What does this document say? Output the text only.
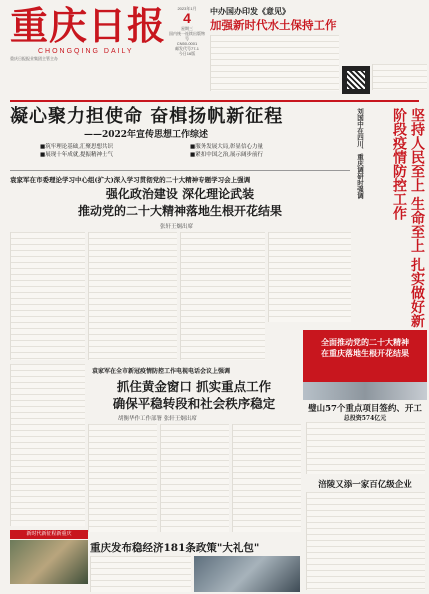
重庆日报
CHONGQING DAILY
重庆日报报业集团主管主办
2023年1月
4
星期三
国内统一连续出版物号
CN50-0001
邮发代号77-1
今日16版
中办国办印发《意见》
加强新时代水土保持工作
凝心聚力担使命 奋楫扬帆新征程
——2022年宣传思想工作综述
■筑牢理论基础,汇聚思想共识
■展现十年成就,提振精神士气
■服务发展大局,彰显信心力量
■紧扣中国之治,展示阔步前行
袁家军在市委理论学习中心组(扩大)深入学习贯彻党的二十大精神专题学习会上强调
强化政治建设 深化理论武装
推动党的二十大精神落地生根开花结果
张轩王炯出席
刘国中在四川、重庆调研时强调	坚持人民至上 生命至上 扎实做好新阶段疫情防控工作
全面推动党的二十大精神
在重庆落地生根开花结果
袁家军在全市新冠疫情防控工作电视电话会议上强调
抓住黄金窗口 抓实重点工作
确保平稳转段和社会秩序稳定
胡衡华作工作部署 张轩王炯出席
璧山57个重点项目签约、开工
总投资574亿元
涪陵又添一家百亿级企业
新时代新征程新重庆
重庆发布稳经济181条政策"大礼包"
